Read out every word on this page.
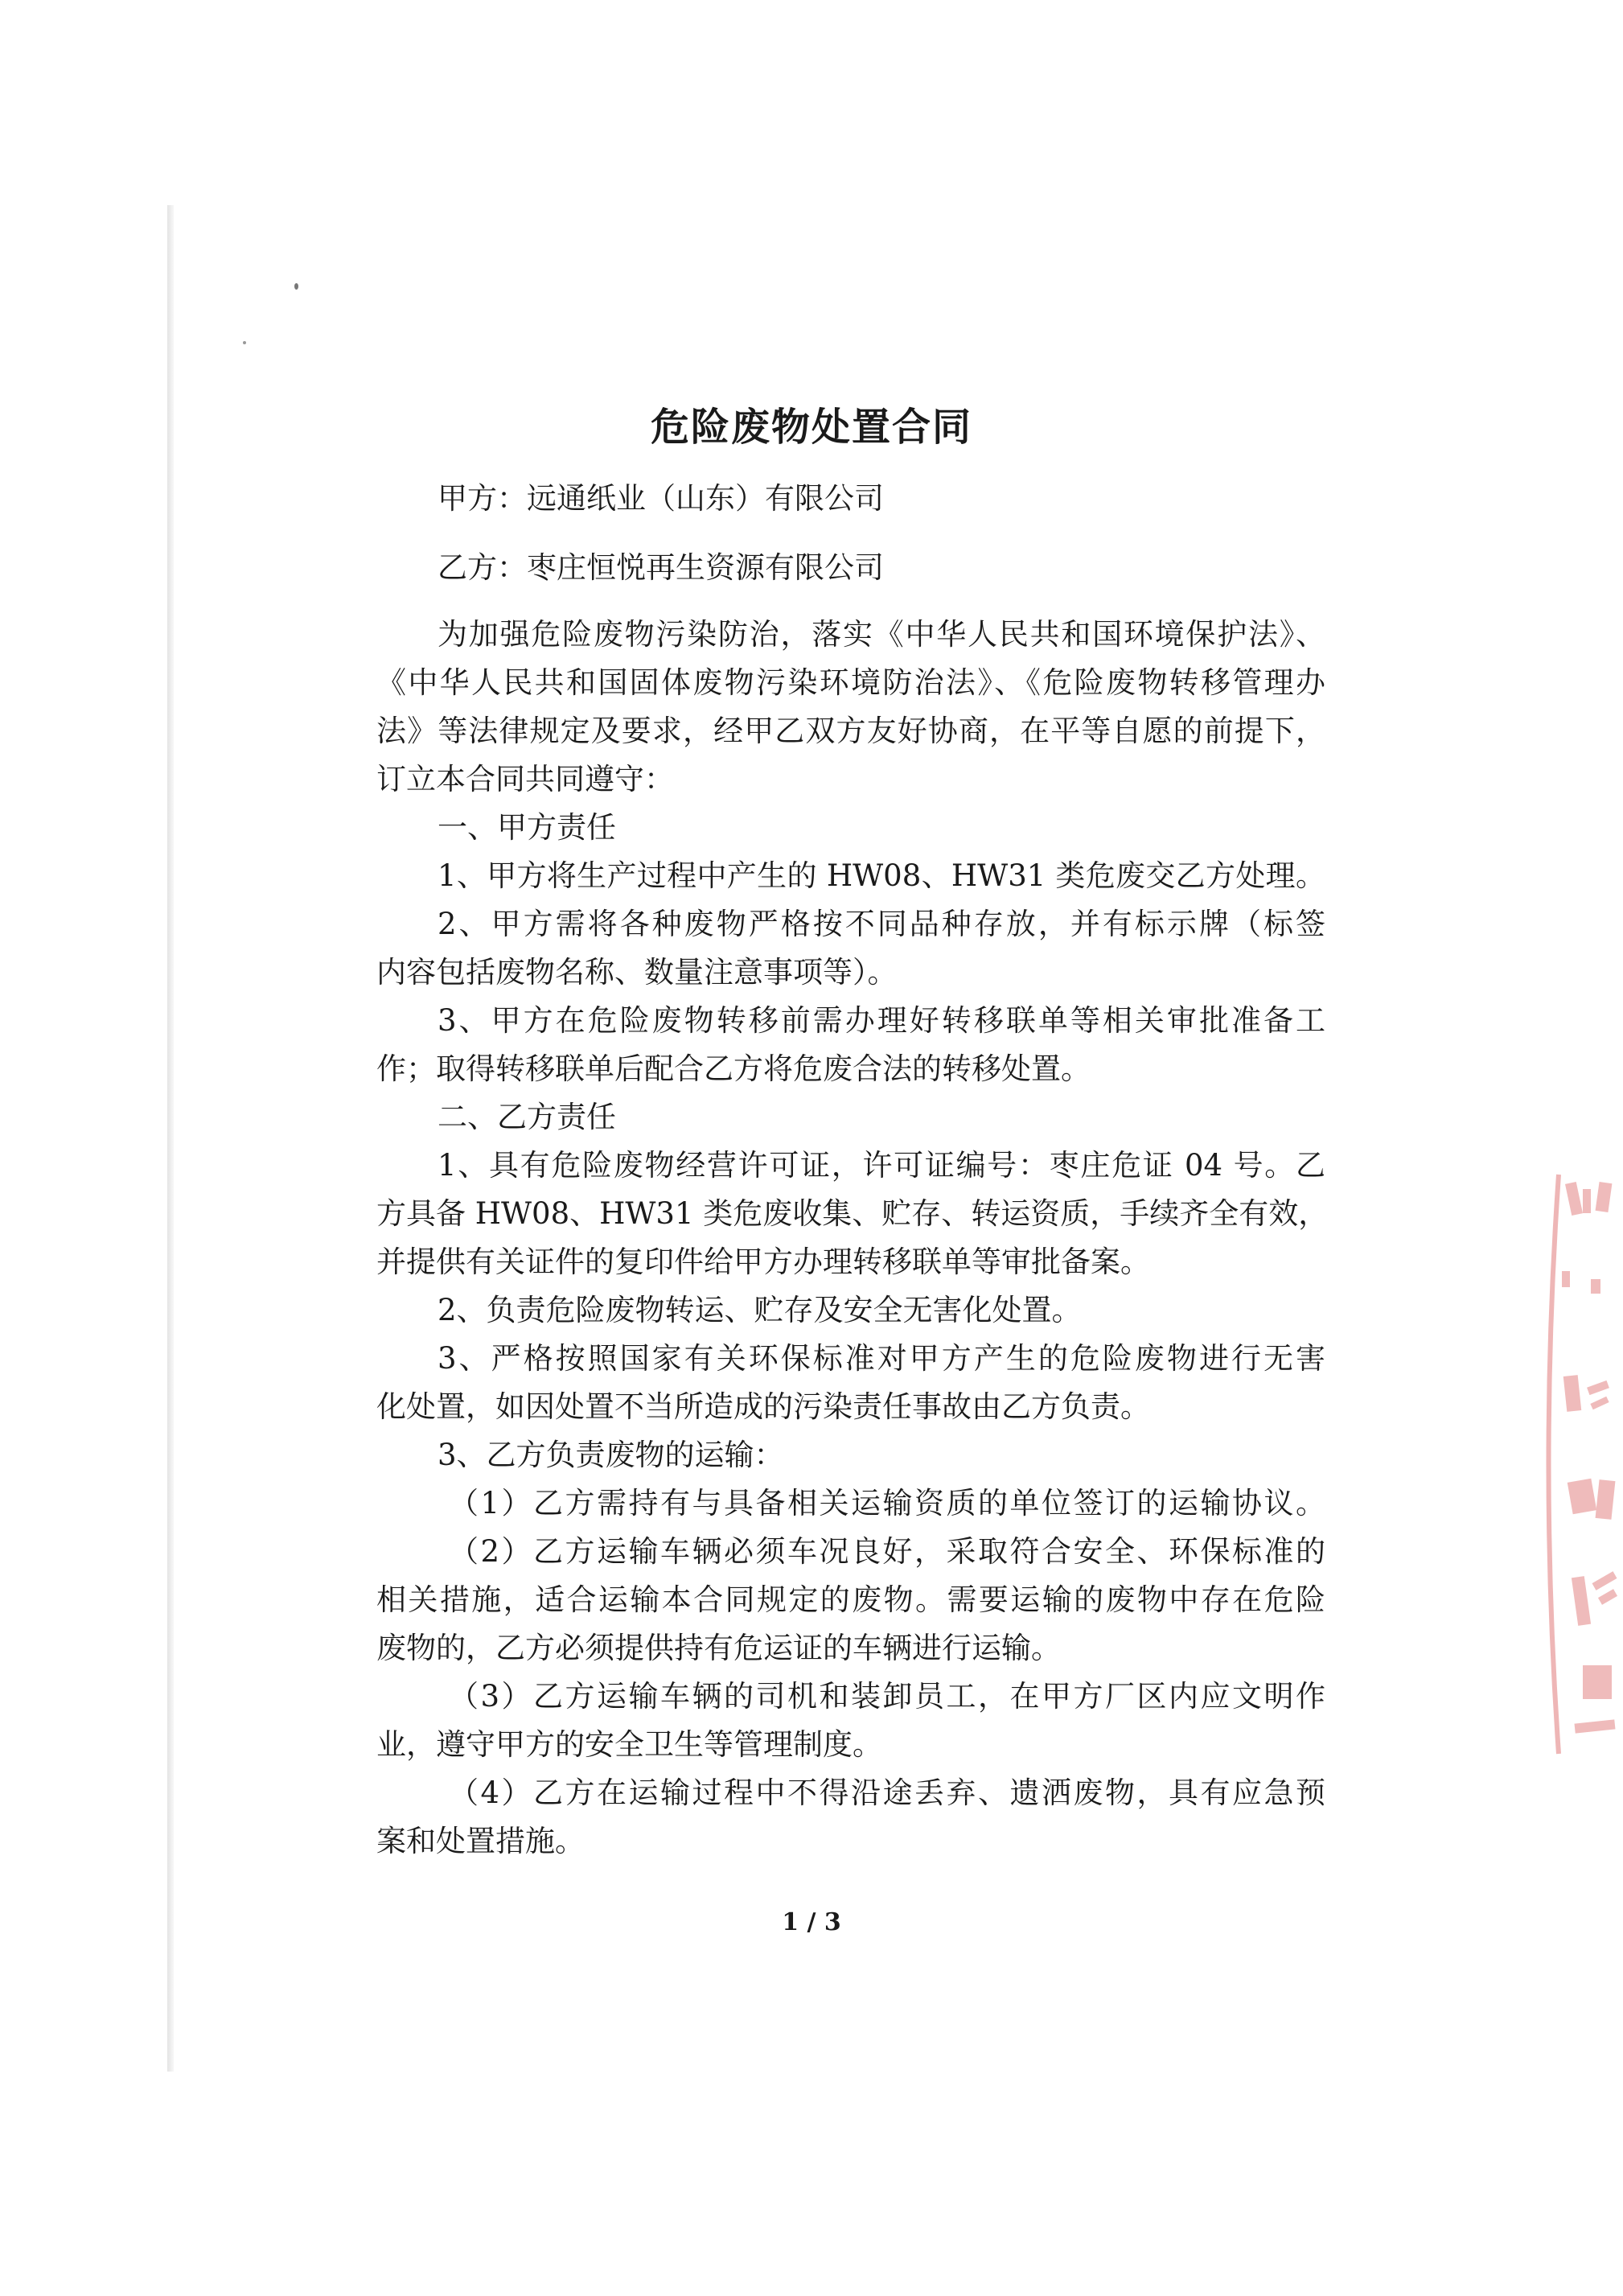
危险废物处置合同
甲方：远通纸业（山东）有限公司
乙方：枣庄恒悦再生资源有限公司
为加强危险废物污染防治，落实《中华人民共和国环境保护法》、
《中华人民共和国固体废物污染环境防治法》、《危险废物转移管理办
法》等法律规定及要求，经甲乙双方友好协商，在平等自愿的前提下，
订立本合同共同遵守：
一、甲方责任
1、甲方将生产过程中产生的 HW08、HW31 类危废交乙方处理。
2、甲方需将各种废物严格按不同品种存放，并有标示牌（标签
内容包括废物名称、数量注意事项等）。
3、甲方在危险废物转移前需办理好转移联单等相关审批准备工
作；取得转移联单后配合乙方将危废合法的转移处置。
二、乙方责任
1、具有危险废物经营许可证，许可证编号：枣庄危证 04 号。乙
方具备 HW08、HW31 类危废收集、贮存、转运资质，手续齐全有效，
并提供有关证件的复印件给甲方办理转移联单等审批备案。
2、负责危险废物转运、贮存及安全无害化处置。
3、严格按照国家有关环保标准对甲方产生的危险废物进行无害
化处置，如因处置不当所造成的污染责任事故由乙方负责。
3、乙方负责废物的运输：
（1）乙方需持有与具备相关运输资质的单位签订的运输协议。
（2）乙方运输车辆必须车况良好，采取符合安全、环保标准的
相关措施，适合运输本合同规定的废物。需要运输的废物中存在危险
废物的，乙方必须提供持有危运证的车辆进行运输。
（3）乙方运输车辆的司机和装卸员工，在甲方厂区内应文明作
业，遵守甲方的安全卫生等管理制度。
（4）乙方在运输过程中不得沿途丢弃、遗洒废物，具有应急预
案和处置措施。
1 / 3
